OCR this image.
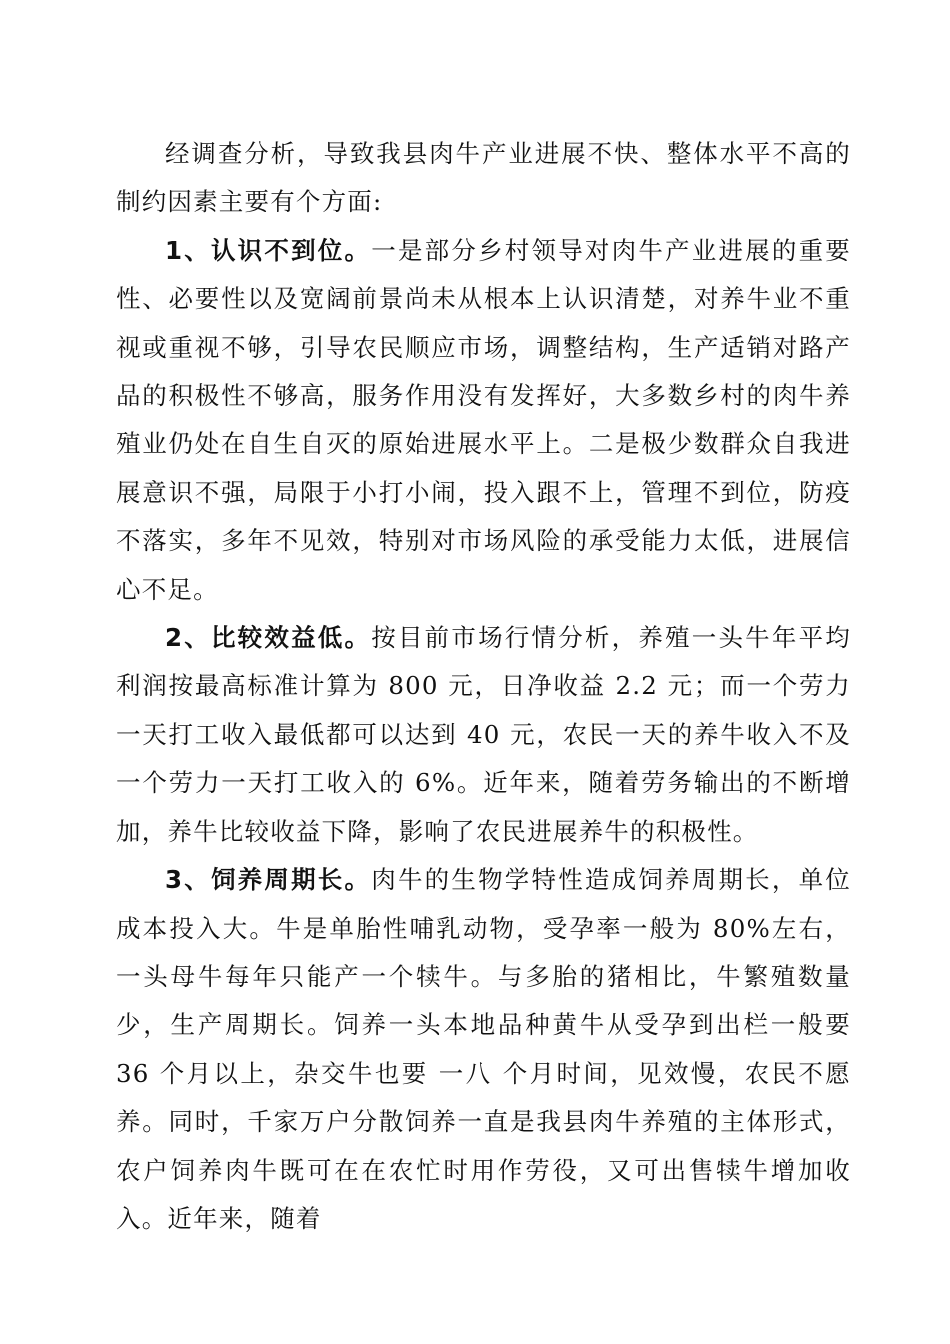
经调查分析，导致我县肉牛产业进展不快、整体水平不高的制约因素主要有个方面:

1、认识不到位。一是部分乡村领导对肉牛产业进展的重要性、必要性以及宽阔前景尚未从根本上认识清楚，对养牛业不重视或重视不够，引导农民顺应市场，调整结构，生产适销对路产品的积极性不够高，服务作用没有发挥好，大多数乡村的肉牛养殖业仍处在自生自灭的原始进展水平上。二是极少数群众自我进展意识不强，局限于小打小闹，投入跟不上，管理不到位，防疫不落实，多年不见效，特别对市场风险的承受能力太低，进展信心不足。

2、比较效益低。按目前市场行情分析，养殖一头牛年平均利润按最高标准计算为 800 元，日净收益 2.2 元；而一个劳力一天打工收入最低都可以达到 40 元，农民一天的养牛收入不及一个劳力一天打工收入的 6%。近年来，随着劳务输出的不断增加，养牛比较收益下降，影响了农民进展养牛的积极性。

3、饲养周期长。肉牛的生物学特性造成饲养周期长，单位成本投入大。牛是单胎性哺乳动物，受孕率一般为 80%左右，一头母牛每年只能产一个犊牛。与多胎的猪相比，牛繁殖数量少，生产周期长。饲养一头本地品种黄牛从受孕到出栏一般要 36 个月以上，杂交牛也要 一八 个月时间，见效慢，农民不愿养。同时，千家万户分散饲养一直是我县肉牛养殖的主体形式，农户饲养肉牛既可在在农忙时用作劳役，又可出售犊牛增加收入。近年来，随着
